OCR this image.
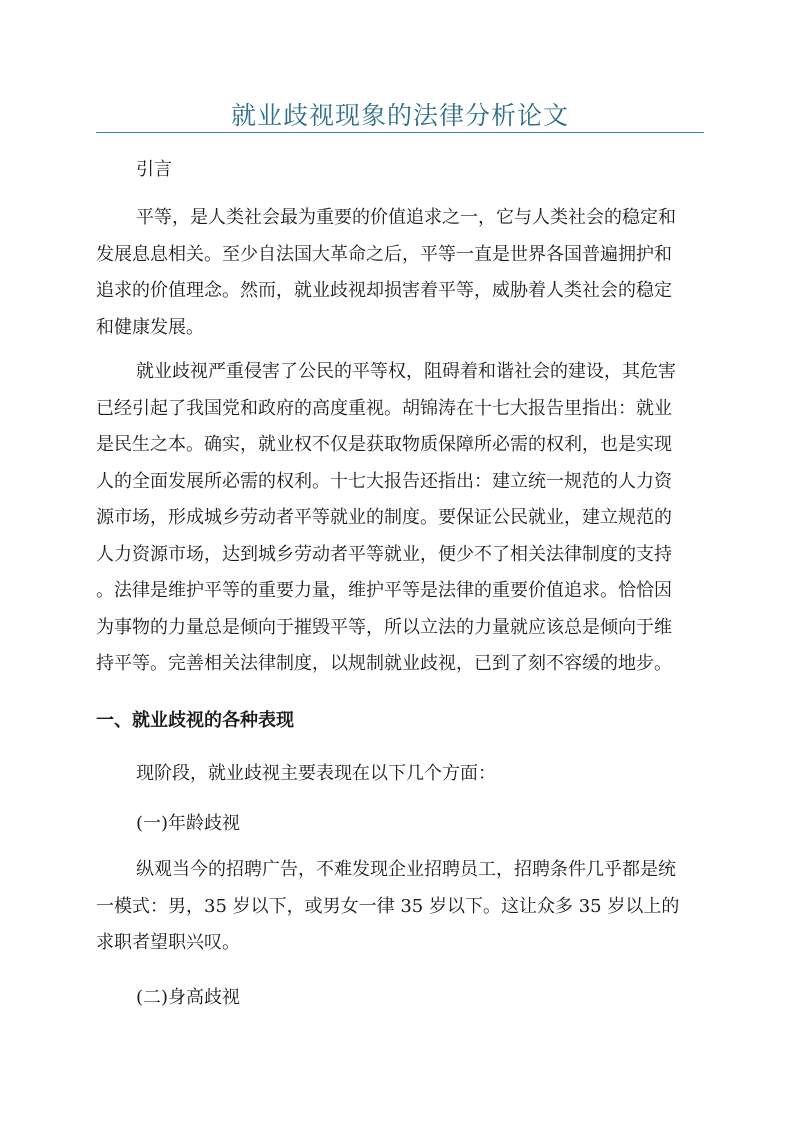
就业歧视现象的法律分析论文
引言
平等，是人类社会最为重要的价值追求之一，它与人类社会的稳定和
发展息息相关。至少自法国大革命之后，平等一直是世界各国普遍拥护和
追求的价值理念。然而，就业歧视却损害着平等，威胁着人类社会的稳定
和健康发展。
就业歧视严重侵害了公民的平等权，阻碍着和谐社会的建设，其危害
已经引起了我国党和政府的高度重视。胡锦涛在十七大报告里指出：就业
是民生之本。确实，就业权不仅是获取物质保障所必需的权利，也是实现
人的全面发展所必需的权利。十七大报告还指出：建立统一规范的人力资
源市场，形成城乡劳动者平等就业的制度。要保证公民就业，建立规范的
人力资源市场，达到城乡劳动者平等就业，便少不了相关法律制度的支持
。法律是维护平等的重要力量，维护平等是法律的重要价值追求。恰恰因
为事物的力量总是倾向于摧毁平等，所以立法的力量就应该总是倾向于维
持平等。完善相关法律制度，以规制就业歧视，已到了刻不容缓的地步。
一、就业歧视的各种表现
现阶段，就业歧视主要表现在以下几个方面：
(一)年龄歧视
纵观当今的招聘广告，不难发现企业招聘员工，招聘条件几乎都是统
一模式：男，35 岁以下，或男女一律 35 岁以下。这让众多 35 岁以上的
求职者望职兴叹。
(二)身高歧视
